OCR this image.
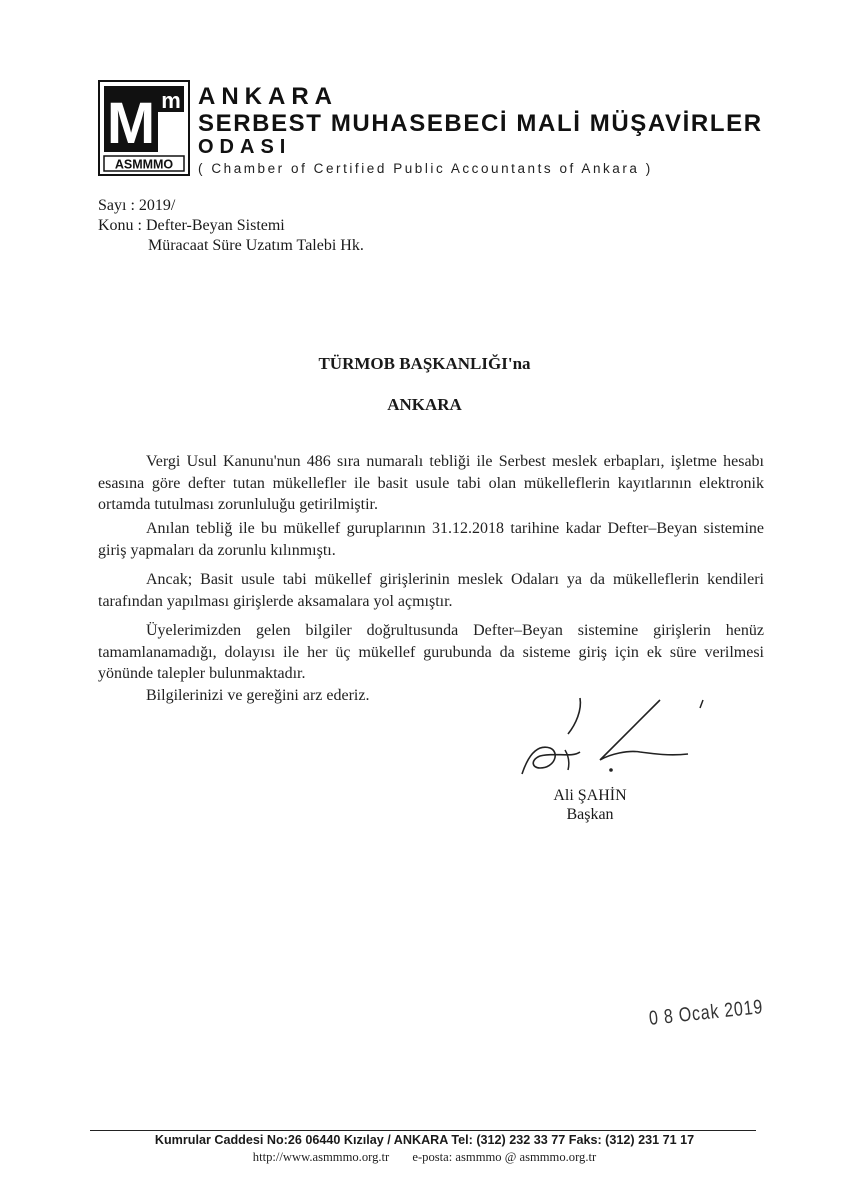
M m
ASMMMO
ANKARA
SERBEST MUHASEBECİ MALİ MÜŞAVİRLER
ODASI
( Chamber of Certified Public Accountants of Ankara )
Sayı : 2019/
Konu : Defter-Beyan Sistemi
Müracaat Süre Uzatım Talebi Hk.
TÜRMOB BAŞKANLIĞI'na
ANKARA
Vergi Usul Kanunu'nun 486 sıra numaralı tebliği ile Serbest meslek erbapları, işletme hesabı esasına göre defter tutan mükellefler ile basit usule tabi olan mükelleflerin kayıtlarının elektronik ortamda tutulması zorunluluğu getirilmiştir.
Anılan tebliğ ile bu mükellef guruplarının 31.12.2018 tarihine kadar Defter–Beyan sistemine giriş yapmaları da zorunlu kılınmıştı.
Ancak; Basit usule tabi mükellef girişlerinin meslek Odaları ya da mükelleflerin kendileri tarafından yapılması girişlerde aksamalara yol açmıştır.
Üyelerimizden gelen bilgiler doğrultusunda Defter–Beyan sistemine girişlerin henüz tamamlanamadığı, dolayısı ile her üç mükellef gurubunda da sisteme giriş için ek süre verilmesi yönünde talepler bulunmaktadır.
Bilgilerinizi ve gereğini arz ederiz.
Ali ŞAHİN
Başkan
0 8 Ocak 2019
Kumrular Caddesi No:26 06440 Kızılay / ANKARA Tel: (312) 232 33 77 Faks: (312) 231 71 17
http://www.asmmmo.org.tr e-posta: asmmmo @ asmmmo.org.tr
